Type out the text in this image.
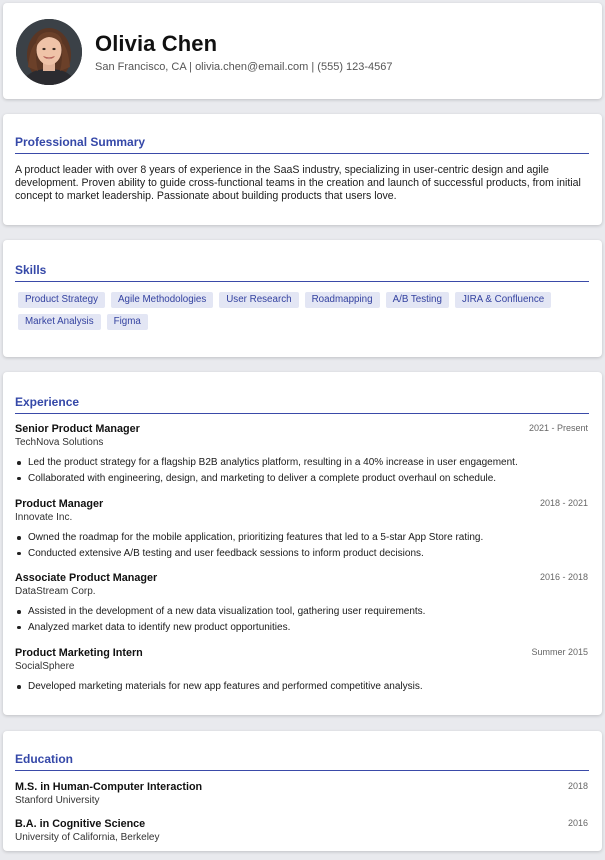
Olivia Chen
San Francisco, CA | olivia.chen@email.com | (555) 123-4567
Professional Summary
A product leader with over 8 years of experience in the SaaS industry, specializing in user-centric design and agile development. Proven ability to guide cross-functional teams in the creation and launch of successful products, from initial concept to market leadership. Passionate about building products that users love.
Skills
Product Strategy	Agile Methodologies	User Research	Roadmapping	A/B Testing	JIRA & Confluence
Market Analysis	Figma
Experience
Senior Product Manager
TechNova Solutions
2021 - Present
Led the product strategy for a flagship B2B analytics platform, resulting in a 40% increase in user engagement.
Collaborated with engineering, design, and marketing to deliver a complete product overhaul on schedule.
Product Manager
Innovate Inc.
2018 - 2021
Owned the roadmap for the mobile application, prioritizing features that led to a 5-star App Store rating.
Conducted extensive A/B testing and user feedback sessions to inform product decisions.
Associate Product Manager
DataStream Corp.
2016 - 2018
Assisted in the development of a new data visualization tool, gathering user requirements.
Analyzed market data to identify new product opportunities.
Product Marketing Intern
SocialSphere
Summer 2015
Developed marketing materials for new app features and performed competitive analysis.
Education
M.S. in Human-Computer Interaction
Stanford University
2018
B.A. in Cognitive Science
University of California, Berkeley
2016
